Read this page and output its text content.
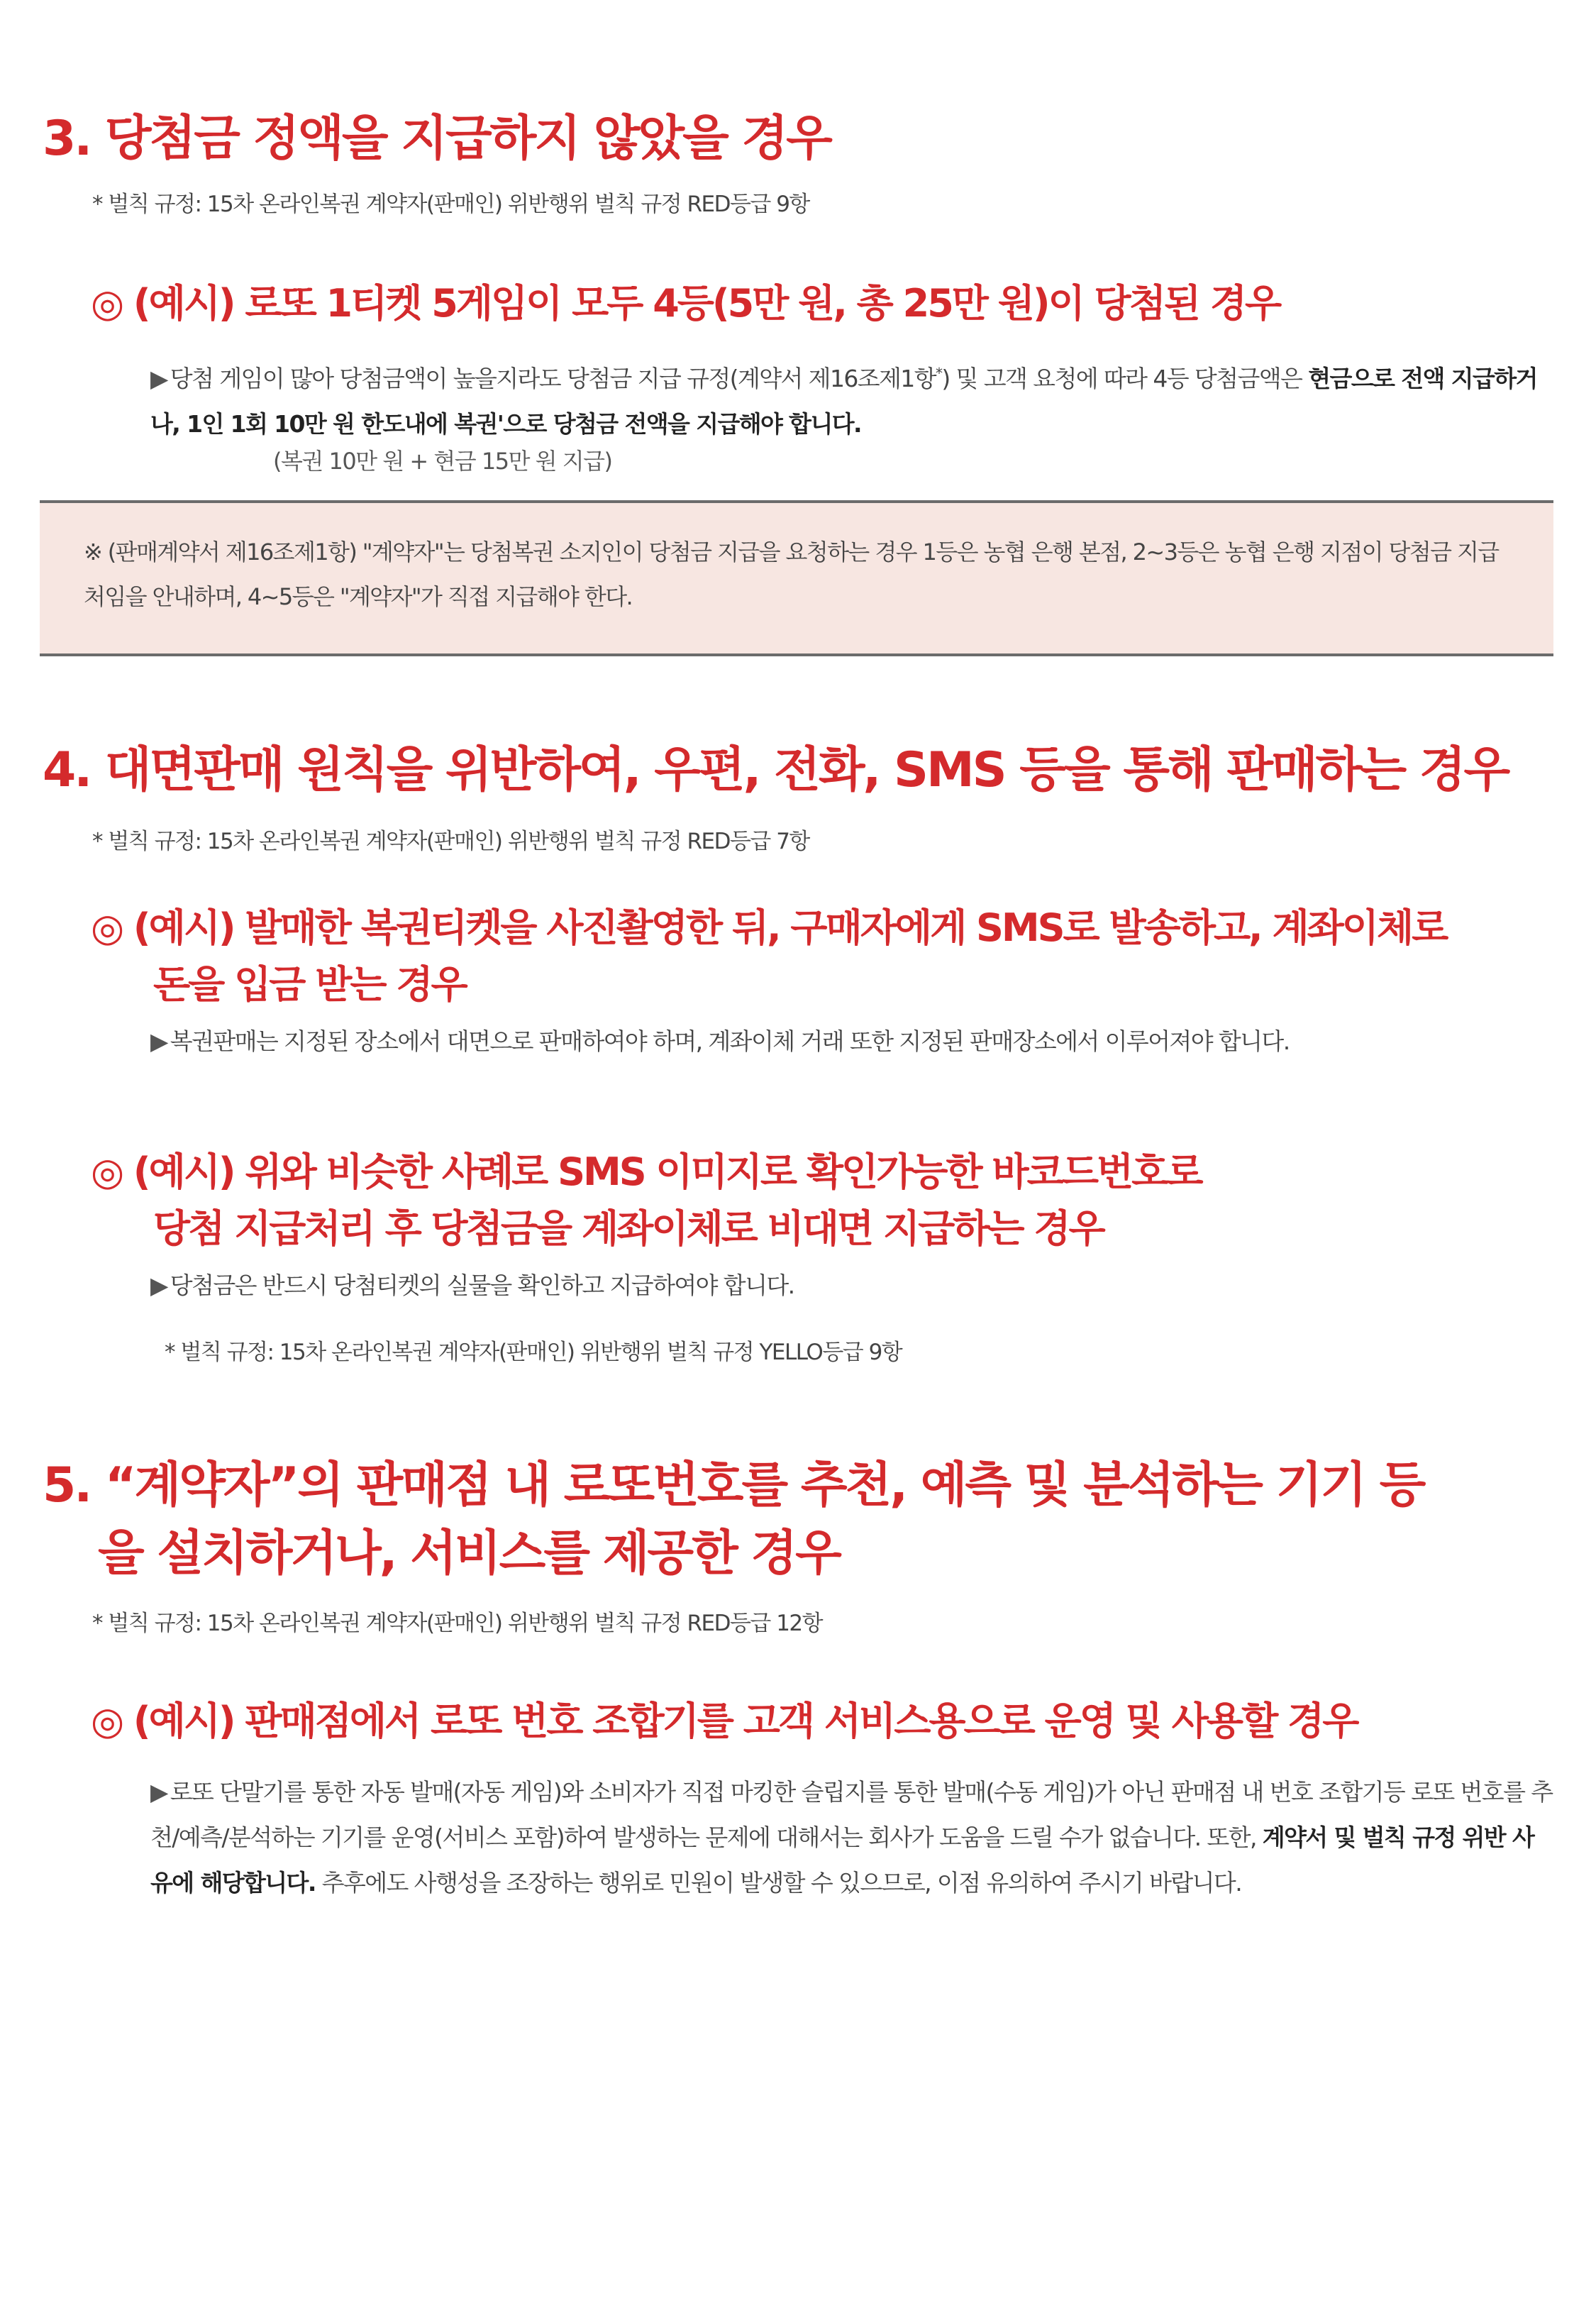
3. 당첨금 정액을 지급하지 않았을 경우
* 벌칙 규정: 15차 온라인복권 계약자(판매인) 위반행위 벌칙 규정 RED등급 9항
◎ (예시) 로또 1티켓 5게임이 모두 4등(5만 원, 총 25만 원)이 당첨된 경우
▶ 당첨 게임이 많아 당첨금액이 높을지라도 당첨금 지급 규정(계약서 제16조제1항*) 및 고객 요청에 따라 4등 당첨금액은 현금으로 전액 지급하거나, 1인 1회 10만 원 한도내에 복권'으로 당첨금 전액을 지급해야 합니다.
(복권 10만 원 + 현금 15만 원 지급)
※ (판매계약서 제16조제1항) "계약자"는 당첨복권 소지인이 당첨금 지급을 요청하는 경우 1등은 농협 은행 본점, 2~3등은 농협 은행 지점이 당첨금 지급처임을 안내하며, 4~5등은 "계약자"가 직접 지급해야 한다.
4. 대면판매 원칙을 위반하여, 우편, 전화, SMS 등을 통해 판매하는 경우
* 벌칙 규정: 15차 온라인복권 계약자(판매인) 위반행위 벌칙 규정 RED등급 7항
◎ (예시) 발매한 복권티켓을 사진촬영한 뒤, 구매자에게 SMS로 발송하고, 계좌이체로
돈을 입금 받는 경우
▶ 복권판매는 지정된 장소에서 대면으로 판매하여야 하며, 계좌이체 거래 또한 지정된 판매장소에서 이루어져야 합니다.
◎ (예시) 위와 비슷한 사례로 SMS 이미지로 확인가능한 바코드번호로
당첨 지급처리 후 당첨금을 계좌이체로 비대면 지급하는 경우
▶ 당첨금은 반드시 당첨티켓의 실물을 확인하고 지급하여야 합니다.
* 벌칙 규정: 15차 온라인복권 계약자(판매인) 위반행위 벌칙 규정 YELLO등급 9항
5. “계약자”의 판매점 내 로또번호를 추천, 예측 및 분석하는 기기 등
을 설치하거나, 서비스를 제공한 경우
* 벌칙 규정: 15차 온라인복권 계약자(판매인) 위반행위 벌칙 규정 RED등급 12항
◎ (예시) 판매점에서 로또 번호 조합기를 고객 서비스용으로 운영 및 사용할 경우
▶ 로또 단말기를 통한 자동 발매(자동 게임)와 소비자가 직접 마킹한 슬립지를 통한 발매(수동 게임)가 아닌 판매점 내 번호 조합기등 로또 번호를 추천/예측/분석하는 기기를 운영(서비스 포함)하여 발생하는 문제에 대해서는 회사가 도움을 드릴 수가 없습니다. 또한, 계약서 및 벌칙 규정 위반 사유에 해당합니다. 추후에도 사행성을 조장하는 행위로 민원이 발생할 수 있으므로, 이점 유의하여 주시기 바랍니다.
